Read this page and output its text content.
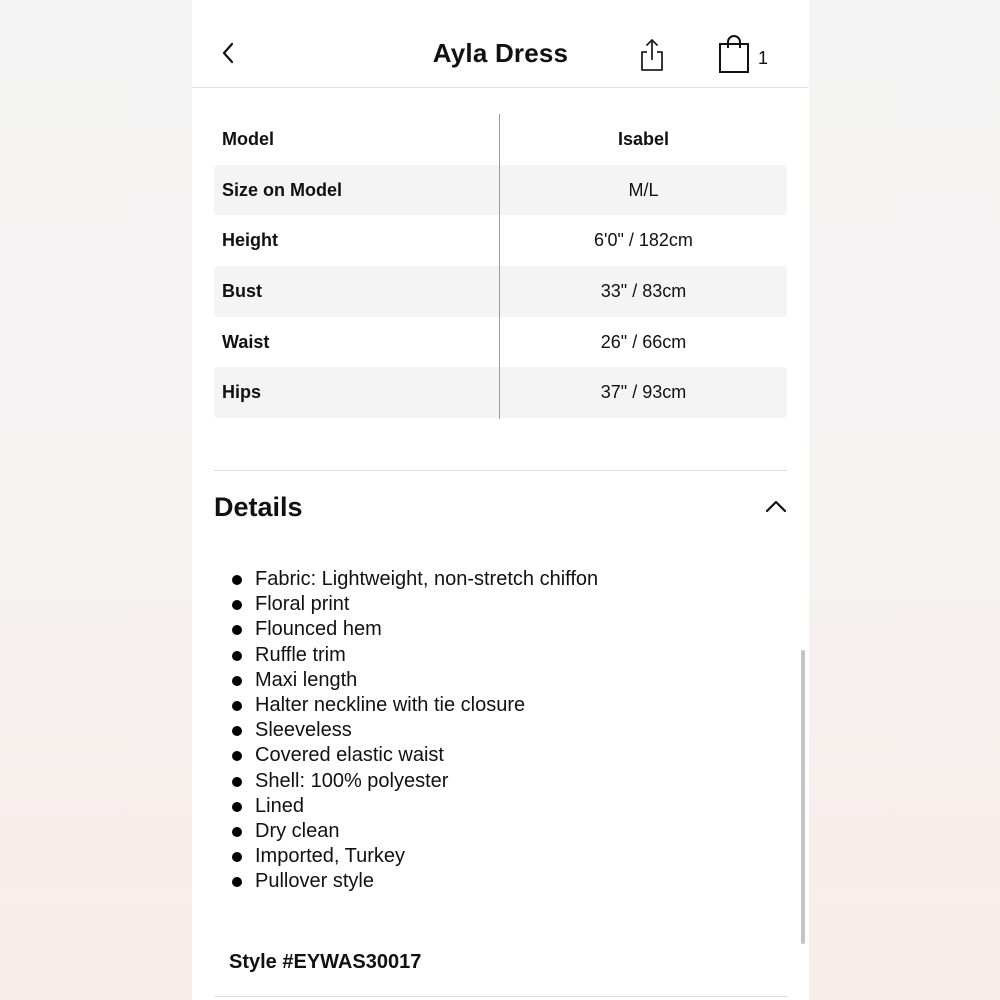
Ayla Dress	1
Model	Isabel
Size on Model	M/L
Height	6'0" / 182cm
Bust	33" / 83cm
Waist	26" / 66cm
Hips	37" / 93cm
Details
Fabric: Lightweight, non-stretch chiffon
Floral print
Flounced hem
Ruffle trim
Maxi length
Halter neckline with tie closure
Sleeveless
Covered elastic waist
Shell: 100% polyester
Lined
Dry clean
Imported, Turkey
Pullover style
Style #EYWAS30017
